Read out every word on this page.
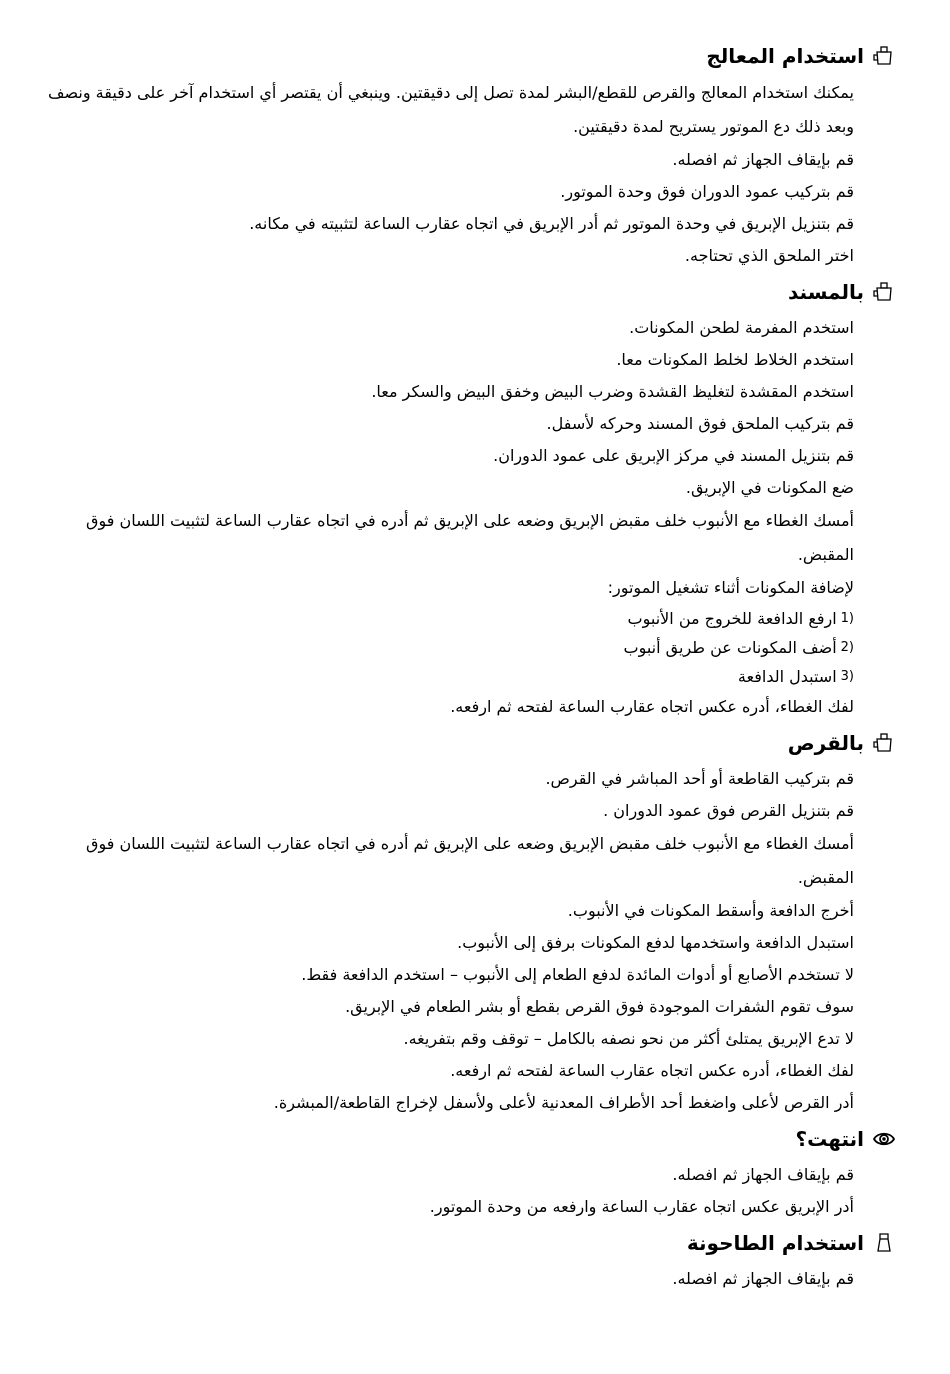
استخدام المعالج
يمكنك استخدام المعالج والقرص للقطع/البشر لمدة تصل إلى دقيقتين. وينبغي أن يقتصر أي استخدام آخر على دقيقة ونصف وبعد ذلك دع الموتور يستريح لمدة دقيقتين.
قم بإيقاف الجهاز ثم افصله.
قم بتركيب عمود الدوران فوق وحدة الموتور.
قم بتنزيل الإبريق في وحدة الموتور ثم أدر الإبريق في اتجاه عقارب الساعة لتثبيته في مكانه.
اختر الملحق الذي تحتاجه.
بالمسند
استخدم المفرمة لطحن المكونات.
استخدم الخلاط لخلط المكونات معا.
استخدم المقشدة لتغليظ القشدة وضرب البيض وخفق البيض والسكر معا.
قم بتركيب الملحق فوق المسند وحركه لأسفل.
قم بتنزيل المسند في مركز الإبريق على عمود الدوران.
ضع المكونات في الإبريق.
أمسك الغطاء مع الأنبوب خلف مقبض الإبريق وضعه على الإبريق ثم أدره في اتجاه عقارب الساعة لتثبيت اللسان فوق المقبض.
لإضافة المكونات أثناء تشغيل الموتور:
1)
ارفع الدافعة للخروج من الأنبوب
2)
أضف المكونات عن طريق أنبوب
3)
استبدل الدافعة
لفك الغطاء، أدره عكس اتجاه عقارب الساعة لفتحه ثم ارفعه.
بالقرص
قم بتركيب القاطعة أو أحد المباشر في القرص.
قم بتنزيل القرص فوق عمود الدوران .
أمسك الغطاء مع الأنبوب خلف مقبض الإبريق وضعه على الإبريق ثم أدره في اتجاه عقارب الساعة لتثبيت اللسان فوق المقبض.
أخرج الدافعة وأسقط المكونات في الأنبوب.
استبدل الدافعة واستخدمها لدفع المكونات برفق إلى الأنبوب.
لا تستخدم الأصابع أو أدوات المائدة لدفع الطعام إلى الأنبوب – استخدم الدافعة فقط.
سوف تقوم الشفرات الموجودة فوق القرص بقطع أو بشر الطعام في الإبريق.
لا تدع الإبريق يمتلئ أكثر من نحو نصفه بالكامل – توقف وقم بتفريغه.
لفك الغطاء، أدره عكس اتجاه عقارب الساعة لفتحه ثم ارفعه.
أدر القرص لأعلى واضغط أحد الأطراف المعدنية لأعلى ولأسفل لإخراج القاطعة/المبشرة.
انتهت؟
قم بإيقاف الجهاز ثم افصله.
أدر الإبريق عكس اتجاه عقارب الساعة وارفعه من وحدة الموتور.
استخدام الطاحونة
قم بإيقاف الجهاز ثم افصله.
